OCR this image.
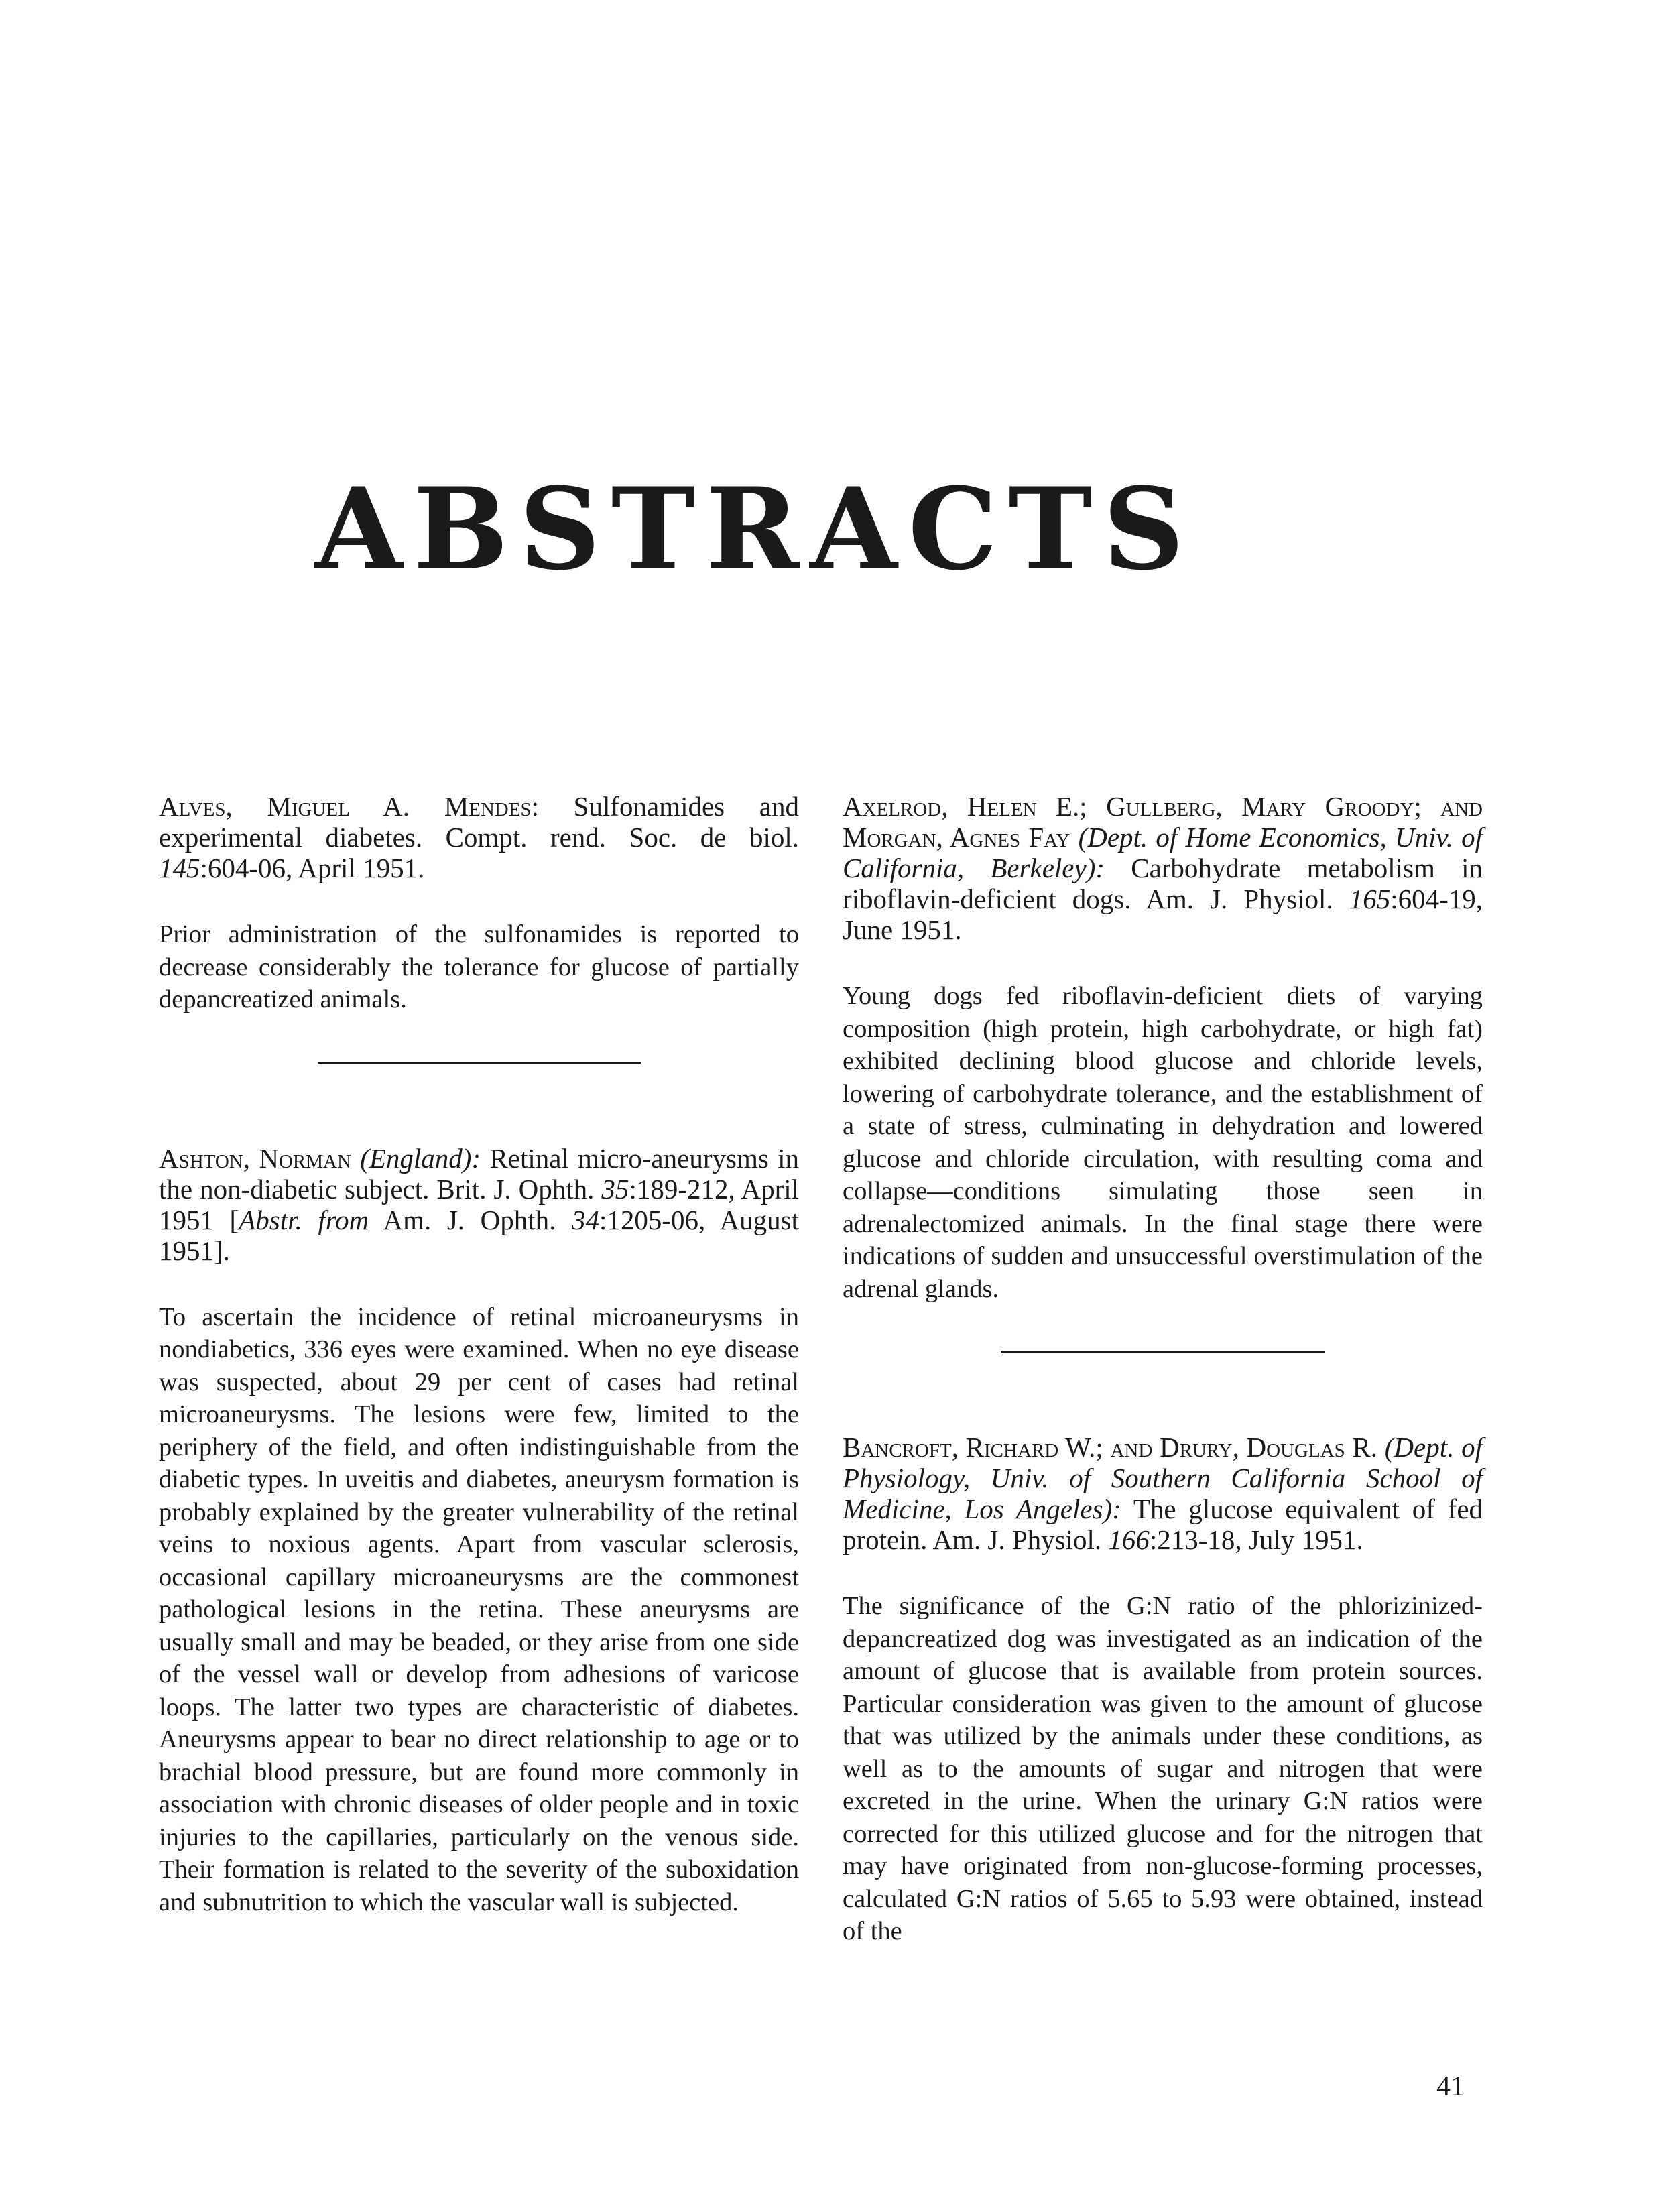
ABSTRACTS

Alves, Miguel A. Mendes: Sulfonamides and experimental diabetes. Compt. rend. Soc. de biol. 145:604-06, April 1951.

Prior administration of the sulfonamides is reported to decrease considerably the tolerance for glucose of partially depancreatized animals.

Ashton, Norman (England): Retinal micro-aneurysms in the non-diabetic subject. Brit. J. Ophth. 35:189-212, April 1951 [Abstr. from Am. J. Ophth. 34:1205-06, August 1951].

To ascertain the incidence of retinal microaneurysms in nondiabetics, 336 eyes were examined. When no eye disease was suspected, about 29 per cent of cases had retinal microaneurysms. The lesions were few, limited to the periphery of the field, and often indistinguishable from the diabetic types. In uveitis and diabetes, aneurysm formation is probably explained by the greater vulnerability of the retinal veins to noxious agents. Apart from vascular sclerosis, occasional capillary microaneurysms are the commonest pathological lesions in the retina. These aneurysms are usually small and may be beaded, or they arise from one side of the vessel wall or develop from adhesions of varicose loops. The latter two types are characteristic of diabetes. Aneurysms appear to bear no direct relationship to age or to brachial blood pressure, but are found more commonly in association with chronic diseases of older people and in toxic injuries to the capillaries, particularly on the venous side. Their formation is related to the severity of the suboxidation and subnutrition to which the vascular wall is subjected.

Axelrod, Helen E.; Gullberg, Mary Groody; and Morgan, Agnes Fay (Dept. of Home Economics, Univ. of California, Berkeley): Carbohydrate metabolism in riboflavin-deficient dogs. Am. J. Physiol. 165:604-19, June 1951.

Young dogs fed riboflavin-deficient diets of varying composition (high protein, high carbohydrate, or high fat) exhibited declining blood glucose and chloride levels, lowering of carbohydrate tolerance, and the establishment of a state of stress, culminating in dehydration and lowered glucose and chloride circulation, with resulting coma and collapse—conditions simulating those seen in adrenalectomized animals. In the final stage there were indications of sudden and unsuccessful overstimulation of the adrenal glands.

Bancroft, Richard W.; and Drury, Douglas R. (Dept. of Physiology, Univ. of Southern California School of Medicine, Los Angeles): The glucose equivalent of fed protein. Am. J. Physiol. 166:213-18, July 1951.

The significance of the G:N ratio of the phlorizinized-depancreatized dog was investigated as an indication of the amount of glucose that is available from protein sources. Particular consideration was given to the amount of glucose that was utilized by the animals under these conditions, as well as to the amounts of sugar and nitrogen that were excreted in the urine. When the urinary G:N ratios were corrected for this utilized glucose and for the nitrogen that may have originated from non-glucose-forming processes, calculated G:N ratios of 5.65 to 5.93 were obtained, instead of the

41
